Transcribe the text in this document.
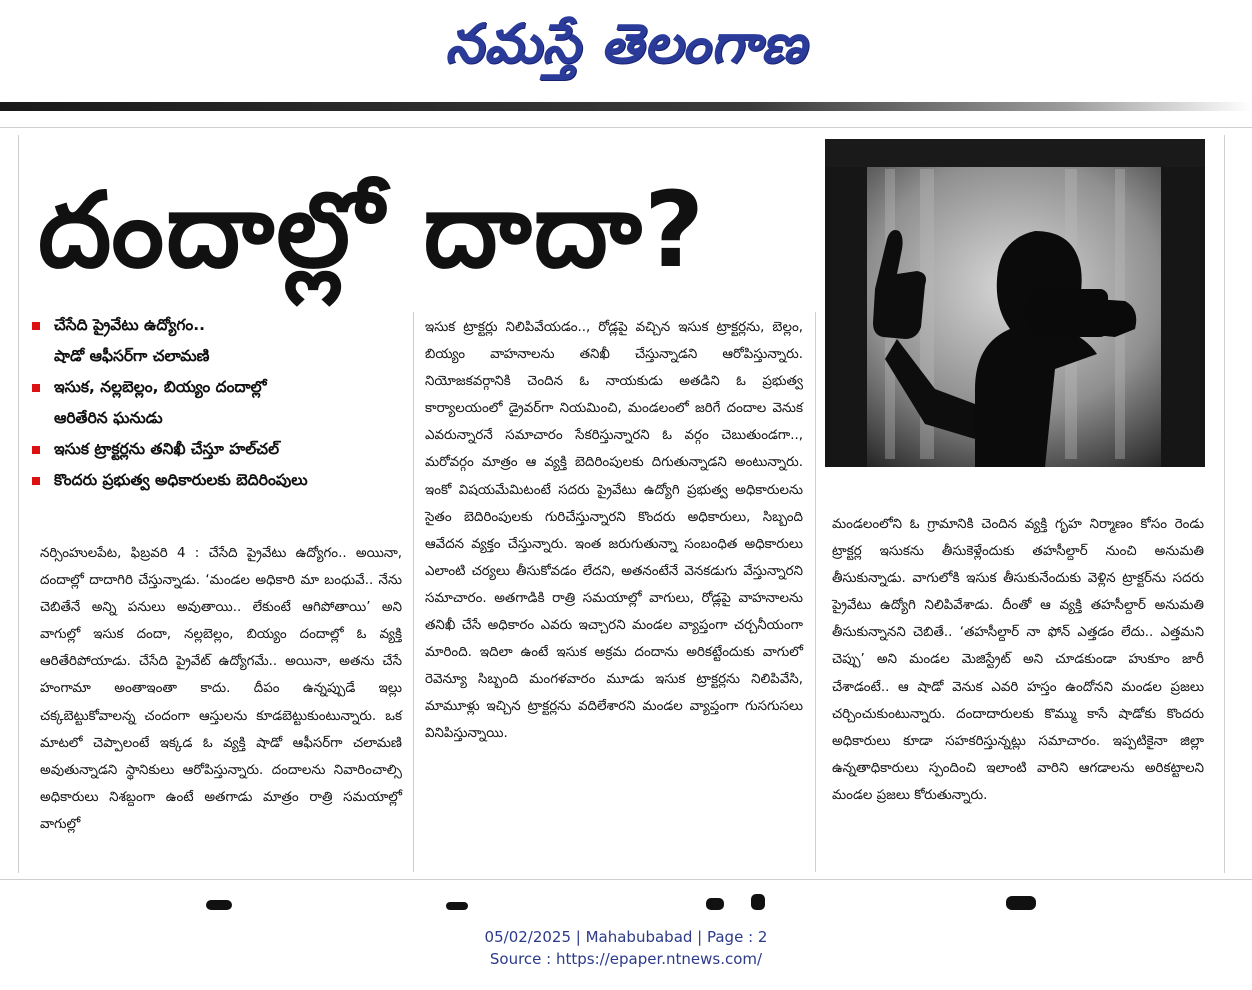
నమస్తే తెలంగాణ
దందాల్లో దాదా?
చేసేది ప్రైవేటు ఉద్యోగం..
షాడో ఆఫీసర్‌గా చలామణి
ఇసుక, నల్లబెల్లం, బియ్యం దందాల్లో
ఆరితేరిన ఘనుడు
ఇసుక ట్రాక్టర్లను తనిఖీ చేస్తూ హల్‌చల్
కొందరు ప్రభుత్వ అధికారులకు బెదిరింపులు

నర్సింహులపేట, ఫిబ్రవరి 4 : చేసేది ప్రైవేటు ఉద్యోగం.. అయినా, దందాల్లో దాదాగిరి చేస్తున్నాడు. ‘మండల అధికారి మా బంధువే.. నేను చెబితేనే అన్ని పనులు అవుతాయి.. లేకుంటే ఆగిపోతాయి’ అని వాగుల్లో ఇసుక దందా, నల్లబెల్లం, బియ్యం దందాల్లో ఓ వ్యక్తి ఆరితేరిపోయాడు. చేసేది ప్రైవేట్ ఉద్యోగమే.. అయినా, అతను చేసే హంగామా అంతాఇంతా కాదు. దీపం ఉన్నప్పుడే ఇల్లు చక్కబెట్టుకోవాలన్న చందంగా ఆస్తులను కూడబెట్టుకుంటున్నారు. ఒక మాటలో చెప్పాలంటే ఇక్కడ ఓ వ్యక్తి షాడో ఆఫీసర్‌గా చలామణి అవుతున్నాడని స్థానికులు ఆరోపిస్తున్నారు. దందాలను నివారించాల్సి అధికారులు నిశబ్దంగా ఉంటే అతగాడు మాత్రం రాత్రి సమయాల్లో వాగుల్లో

ఇసుక ట్రాక్టర్లు నిలిపివేయడం.., రోడ్లపై వచ్చిన ఇసుక ట్రాక్టర్లను, బెల్లం, బియ్యం వాహనాలను తనిఖీ చేస్తున్నాడని ఆరోపిస్తున్నారు. నియోజకవర్గానికి చెందిన ఓ నాయకుడు అతడిని ఓ ప్రభుత్వ కార్యాలయంలో డ్రైవర్‌గా నియమించి, మండలంలో జరిగే దందాల వెనుక ఎవరున్నారనే సమాచారం సేకరిస్తున్నారని ఓ వర్గం చెబుతుండగా.., మరోవర్గం మాత్రం ఆ వ్యక్తి బెదిరింపులకు దిగుతున్నాడని అంటున్నారు. ఇంకో విషయమేమిటంటే సదరు ప్రైవేటు ఉద్యోగి ప్రభుత్వ అధికారులను సైతం బెదిరింపులకు గురిచేస్తున్నారని కొందరు అధికారులు, సిబ్బంది ఆవేదన వ్యక్తం చేస్తున్నారు. ఇంత జరుగుతున్నా సంబంధిత అధికారులు ఎలాంటి చర్యలు తీసుకోవడం లేదని, అతనంటేనే వెనకడుగు వేస్తున్నారని సమాచారం. అతగాడికి రాత్రి సమయాల్లో వాగులు, రోడ్లపై వాహనాలను తనిఖీ చేసే అధికారం ఎవరు ఇచ్చారని మండల వ్యాప్తంగా చర్చనీయంగా మారింది. ఇదిలా ఉంటే ఇసుక అక్రమ దందాను అరికట్టేందుకు వాగులో రెవెన్యూ సిబ్బంది మంగళవారం మూడు ఇసుక ట్రాక్టర్లను నిలిపివేసి, మామూళ్లు ఇచ్చిన ట్రాక్టర్లను వదిలేశారని మండల వ్యాప్తంగా గుసగుసలు వినిపిస్తున్నాయి.

మండలంలోని ఓ గ్రామానికి చెందిన వ్యక్తి గృహ నిర్మాణం కోసం రెండు ట్రాక్టర్ల ఇసుకను తీసుకెళ్లేందుకు తహసీల్దార్ నుంచి అనుమతి తీసుకున్నాడు. వాగులోకి ఇసుక తీసుకునేందుకు వెళ్లిన ట్రాక్టర్‌ను సదరు ప్రైవేటు ఉద్యోగి నిలిపివేశాడు. దీంతో ఆ వ్యక్తి తహసీల్దార్ అనుమతి తీసుకున్నానని చెబితే.. ‘తహసీల్దార్ నా ఫోన్ ఎత్తడం లేదు.. ఎత్తమని చెప్పు’ అని మండల మెజిస్ట్రేట్ అని చూడకుండా హుకూం జారీ చేశాడంటే.. ఆ షాడో వెనుక ఎవరి హస్తం ఉందోనని మండల ప్రజలు చర్చించుకుంటున్నారు. దందాదారులకు కొమ్ము కాసే షాడోకు కొందరు అధికారులు కూడా సహకరిస్తున్నట్లు సమాచారం. ఇప్పటికైనా జిల్లా ఉన్నతాధికారులు స్పందించి ఇలాంటి వారిని ఆగడాలను అరికట్టాలని మండల ప్రజలు కోరుతున్నారు.

05/02/2025 | Mahabubabad | Page : 2
Source : https://epaper.ntnews.com/
